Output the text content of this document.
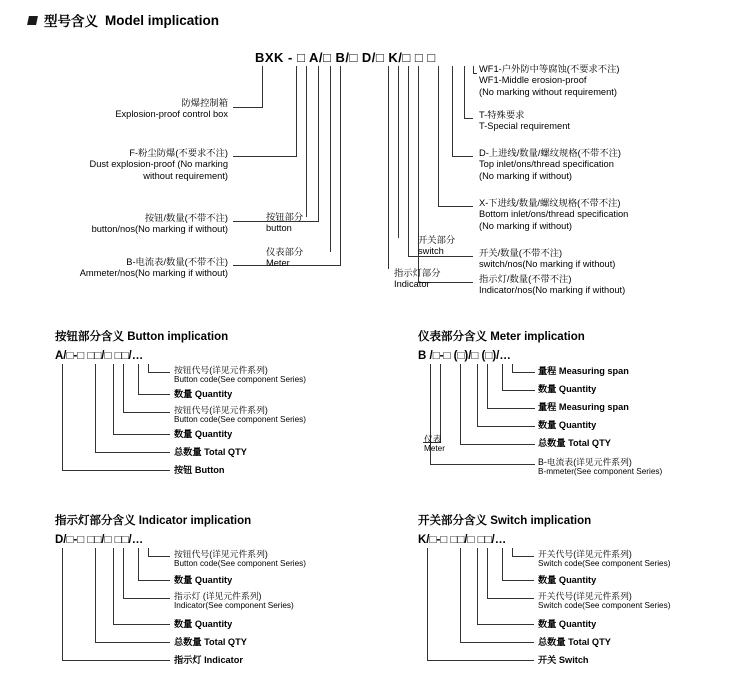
型号含义 Model implication
BXK - □ A/□ B/□ D/□ K/□ □ □
防爆控制箱
Explosion-proof control box
F-粉尘防爆(不要求不注)
Dust explosion-proof (No marking
without requirement)
按钮/数量(不带不注)
button/nos(No marking if without)
B-电流表/数量(不带不注)
Ammeter/nos(No marking if without)
按钮部分
button
仪表部分
Meter
开关部分
switch
指示灯部分
Indicator
WF1-户外防中等腐蚀(不要求不注)
WF1-Middle erosion-proof
(No marking without requirement)
T-特殊要求
T-Special requirement
D-上进线/数量/螺纹规格(不带不注)
Top inlet/ons/thread specification
(No marking if without)
X-下进线/数量/螺纹规格(不带不注)
Bottom inlet/ons/thread specification
(No marking if without)
开关/数量(不带不注)
switch/nos(No marking if without)
指示灯/数量(不带不注)
Indicator/nos(No marking if without)
按钮部分含义 Button implication
A/□-□ □□/□ □□/…
按钮代号(详见元件系列)
Button code(See component Series)
数量 Quantity
按钮代号(详见元件系列)
Button code(See component Series)
数量 Quantity
总数量 Total QTY
按钮 Button
仪表部分含义 Meter implication
B /□-□ (□)/□ (□)/…
量程 Measuring span
数量 Quantity
量程 Measuring span
数量 Quantity
总数量 Total QTY
仪表
Meter
B-电流表(详见元件系列)
B-mmeter(See component Series)
指示灯部分含义 Indicator implication
D/□-□ □□/□ □□/…
按钮代号(详见元件系列)
Button code(See component Series)
数量 Quantity
指示灯 (详见元件系列)
Indicator(See component Series)
数量 Quantity
总数量 Total QTY
指示灯 Indicator
开关部分含义 Switch implication
K/□-□ □□/□ □□/…
开关代号(详见元件系列)
Switch code(See component Series)
数量 Quantity
开关代号(详见元件系列)
Switch code(See component Series)
数量 Quantity
总数量 Total QTY
开关 Switch
